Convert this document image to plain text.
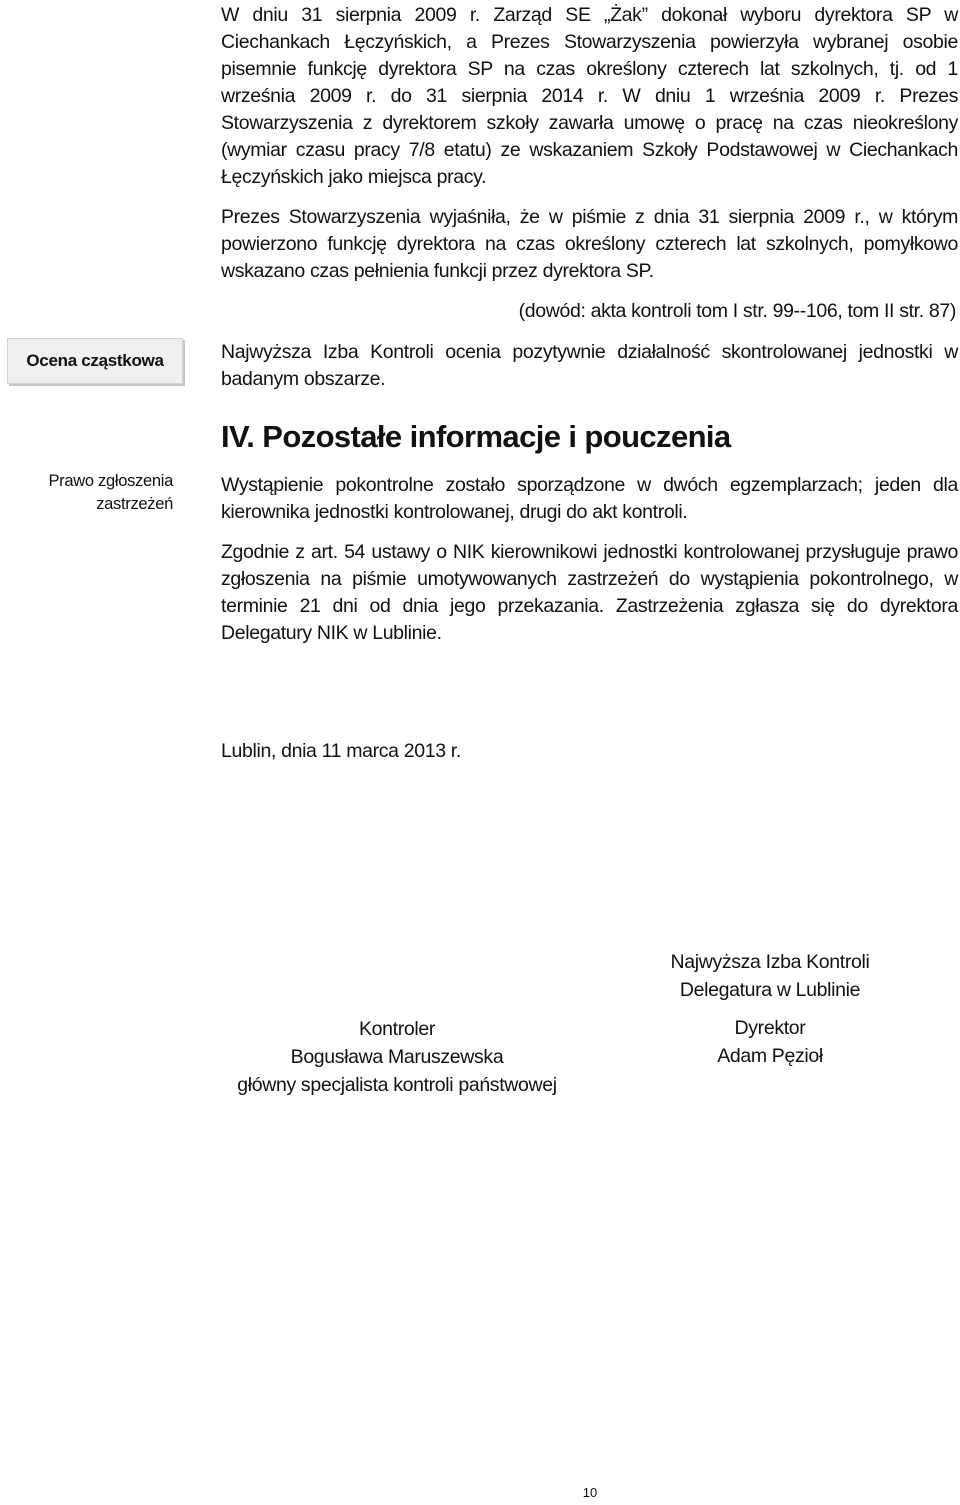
W dniu 31 sierpnia 2009 r. Zarząd SE „Żak” dokonał wyboru dyrektora SP w Ciechankach Łęczyńskich, a Prezes Stowarzyszenia powierzyła wybranej osobie pisemnie funkcję dyrektora SP na czas określony czterech lat szkolnych, tj. od 1 września 2009 r. do 31 sierpnia 2014 r. W dniu 1 września 2009 r. Prezes Stowarzyszenia z dyrektorem szkoły zawarła umowę o pracę na czas nieokreślony (wymiar czasu pracy 7/8 etatu) ze wskazaniem Szkoły Podstawowej w Ciechankach Łęczyńskich jako miejsca pracy.

Prezes Stowarzyszenia wyjaśniła, że w piśmie z dnia 31 sierpnia 2009 r., w którym powierzono funkcję dyrektora na czas określony czterech lat szkolnych, pomyłkowo wskazano czas pełnienia funkcji przez dyrektora SP.

(dowód: akta kontroli tom I str. 99--106, tom II str. 87)
Ocena cząstkowa	Najwyższa Izba Kontroli ocenia pozytywnie działalność skontrolowanej jednostki w badanym obszarze.

IV. Pozostałe informacje i pouczenia
Prawo zgłoszenia
zastrzeżeń

Wystąpienie pokontrolne zostało sporządzone w dwóch egzemplarzach; jeden dla kierownika jednostki kontrolowanej, drugi do akt kontroli.

Zgodnie z art. 54 ustawy o NIK kierownikowi jednostki kontrolowanej przysługuje prawo zgłoszenia na piśmie umotywowanych zastrzeżeń do wystąpienia pokontrolnego, w terminie 21 dni od dnia jego przekazania. Zastrzeżenia zgłasza się do dyrektora Delegatury NIK w Lublinie.

Lublin, dnia 11 marca 2013 r.
Kontroler
Bogusława Maruszewska
główny specjalista kontroli państwowej
Najwyższa Izba Kontroli
Delegatura w Lublinie
Dyrektor
Adam Pęzioł
10
